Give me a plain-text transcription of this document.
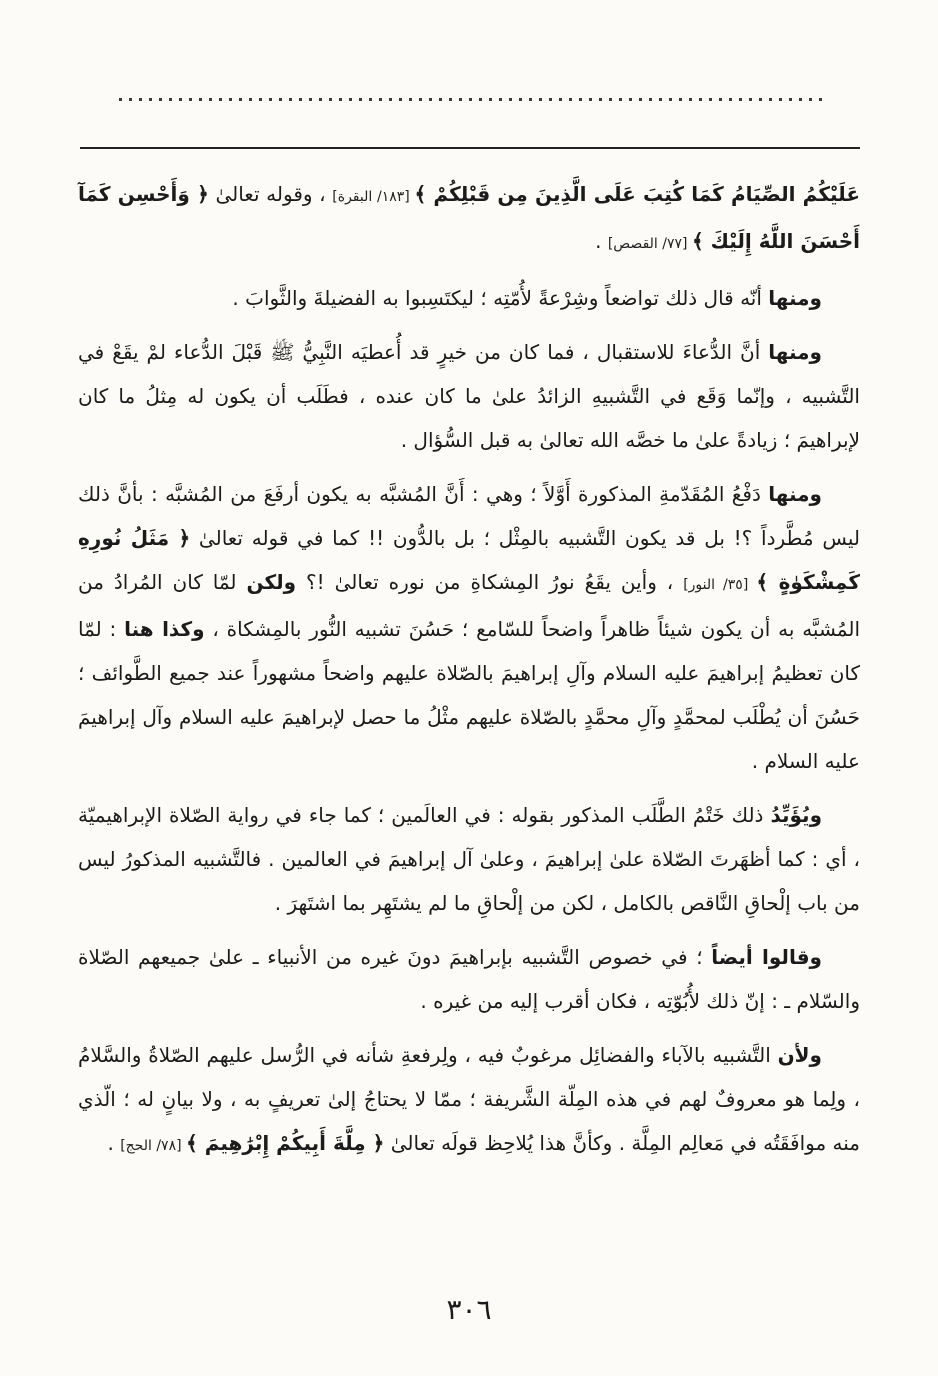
عَلَيْكُمُ الصِّيَامُ كَمَا كُتِبَ عَلَى الَّذِينَ مِن قَبْلِكُمْ ﴾ [١٨٣/ البقرة] ، وقوله تعالىٰ ﴿ وَأَحْسِن كَمَآ أَحْسَنَ اللَّهُ إِلَيْكَ ﴾ [٧٧/ القصص] .

ومنها أنّه قال ذلك تواضعاً وشِرْعةً لأُمّتِه ؛ ليكتَسِبوا به الفضيلةَ والثَّوابَ .

ومنها أنَّ الدُّعاءَ للاستقبال ، فما كان من خيرٍ قد أُعطيَه النَّبِيُّ ﷺ قَبْلَ الدُّعاء لمْ يقَعْ في التَّشبيه ، وإنّما وَقَع في التَّشبيهِ الزائدُ علىٰ ما كان عنده ، فطَلَب أن يكون له مِثلُ ما كان لإبراهيمَ ؛ زيادةً علىٰ ما خصَّه الله تعالىٰ به قبل السُّؤال .

ومنها دَفْعُ المُقَدّمةِ المذكورة أَوَّلاً ؛ وهي : أَنَّ المُشبَّه به يكون أرفَعَ من المُشبَّه : بأنَّ ذلك ليس مُطَّرداً ؟! بل قد يكون التَّشبيه بالمِثْل ؛ بل بالدُّون !! كما في قوله تعالىٰ ﴿ مَثَلُ نُورِهِ كَمِشْكَوٰةٍ ﴾ [٣٥/ النور] ، وأين يقَعُ نورُ المِشكاةِ من نوره تعالىٰ !؟ ولكن لمّا كان المُرادُ من المُشبَّه به أن يكون شيئاً ظاهراً واضحاً للسّامع ؛ حَسُنَ تشبيه النُّور بالمِشكاة ، وكذا هنا : لمّا كان تعظيمُ إبراهيمَ عليه السلام وآلِ إبراهيمَ بالصّلاة عليهم واضحاً مشهوراً عند جميع الطَّوائف ؛ حَسُنَ أن يُطْلَب لمحمَّدٍ وآلِ محمَّدٍ بالصّلاة عليهم مثْلُ ما حصل لإبراهيمَ عليه السلام وآل إبراهيمَ عليه السلام .

ويُؤَيِّدُ ذلك خَتْمُ الطَّلَب المذكور بقوله : في العالَمين ؛ كما جاء في رواية الصّلاة الإبراهيميّة ، أي : كما أظهَرتَ الصّلاة علىٰ إبراهيمَ ، وعلىٰ آل إبراهيمَ في العالمين . فالتَّشبيه المذكورُ ليس من باب إلْحاقِ النَّاقص بالكامل ، لكن من إلْحاقِ ما لم يشتَهِر بما اشتَهرَ .

وقالوا أيضاً ؛ في خصوص التَّشبيه بإبراهيمَ دونَ غيره من الأنبياء ـ علىٰ جميعهم الصّلاة والسّلام ـ : إنّ ذلك لأُبُوّتِه ، فكان أقرب إليه من غيره .

ولأن التَّشبيه بالآباء والفضائِل مرغوبٌ فيه ، ولِرفعةِ شأنه في الرُّسل عليهم الصّلاةُ والسَّلامُ ، ولِما هو معروفٌ لهم في هذه المِلّة الشَّريفة ؛ ممّا لا يحتاجُ إلىٰ تعريفٍ به ، ولا بيانٍ له ؛ الّذي منه موافَقَتُه في مَعالِم المِلَّة . وكأنَّ هذا يُلاحِظ قولَه تعالىٰ ﴿ مِلَّةَ أَبِيكُمْ إِبْرَٰهِيمَ ﴾ [٧٨/ الحج] .

٣٠٦
